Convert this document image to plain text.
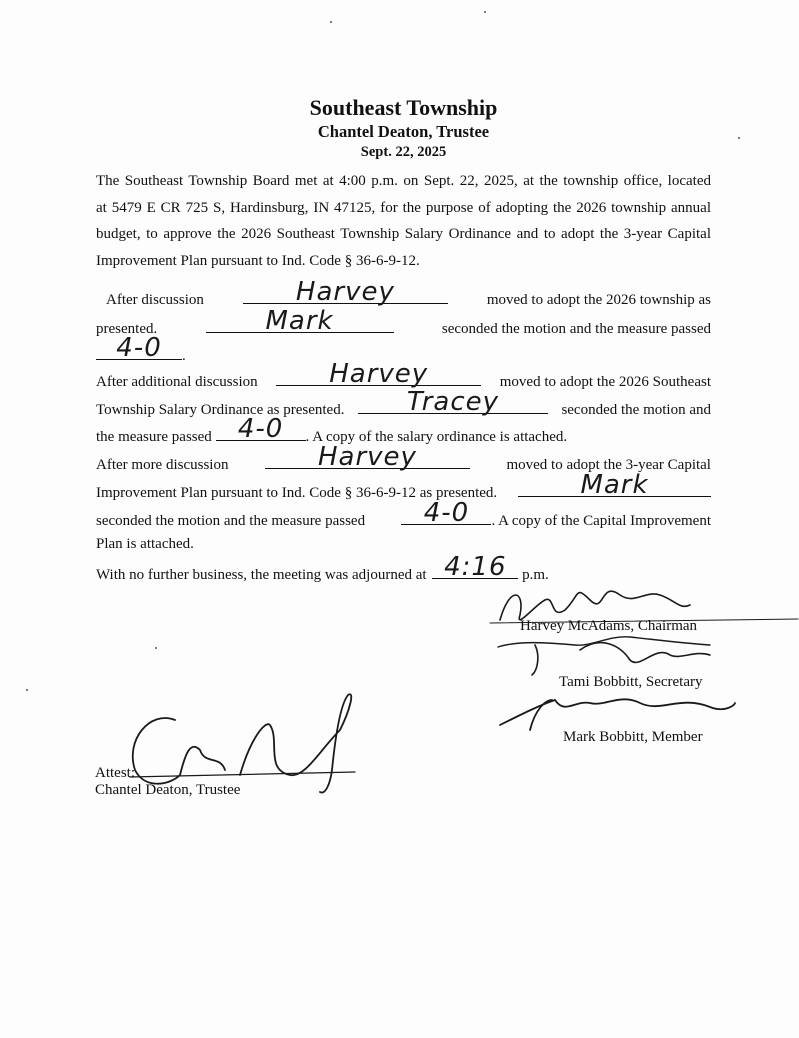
Southeast Township
Chantel Deaton, Trustee
Sept. 22, 2025
The Southeast Township Board met at 4:00 p.m. on Sept. 22, 2025, at the township office, located
at 5479 E CR 725 S, Hardinsburg, IN 47125, for the purpose of adopting the 2026 township annual
budget, to approve the 2026 Southeast Township Salary Ordinance and to adopt the 3-year Capital
Improvement Plan pursuant to Ind. Code § 36-6-9-12.
After discussion	Harvey	moved to adopt the 2026 township as
presented.	Mark	seconded the motion and the measure passed
4-0	.
After additional discussion	Harvey	moved to adopt the 2026 Southeast
Township Salary Ordinance as presented.	Tracey	seconded the motion and
the measure passed	4-0	. A copy of the salary ordinance is attached.
After more discussion	Harvey	moved to adopt the 3-year Capital
Improvement Plan pursuant to Ind. Code § 36-6-9-12 as presented.	Mark
seconded the motion and the measure passed	4-0	. A copy of the Capital Improvement
Plan is attached.
With no further business, the meeting was adjourned at 4:16	p.m.
Harvey McAdams, Chairman
Tami Bobbitt, Secretary
Mark Bobbitt, Member
Attest:
Chantel Deaton, Trustee
